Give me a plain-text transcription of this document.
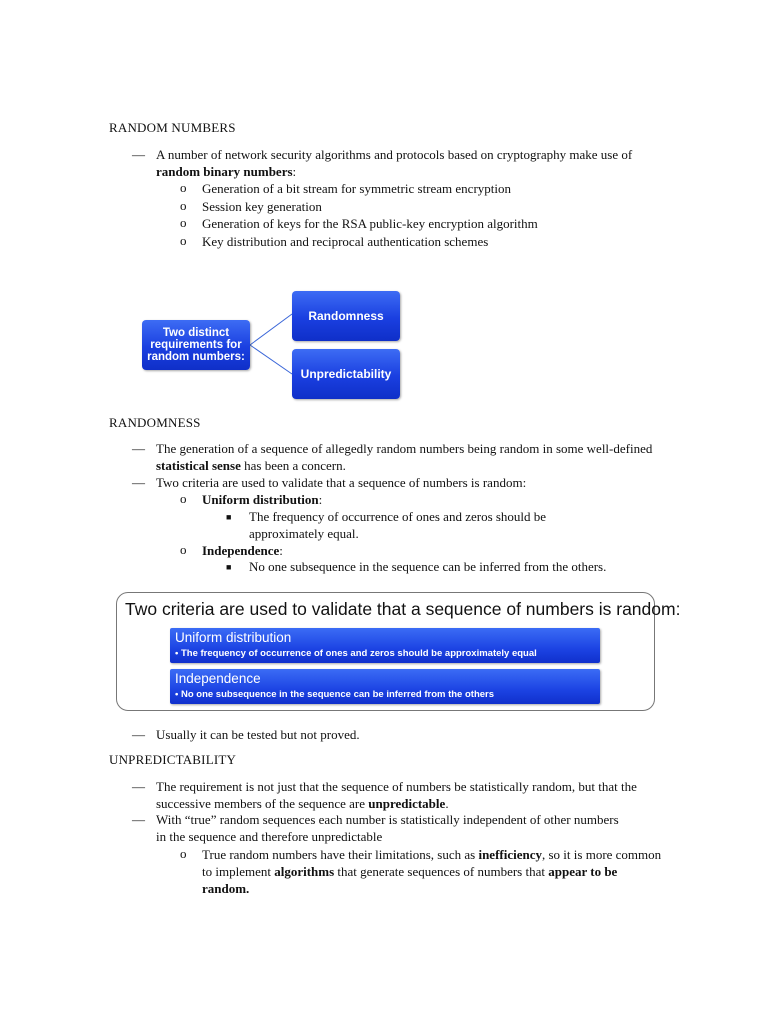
RANDOM NUMBERS
— A number of network security algorithms and protocols based on cryptography make use of random binary numbers:
o Generation of a bit stream for symmetric stream encryption
o Session key generation
o Generation of keys for the RSA public-key encryption algorithm
o Key distribution and reciprocal authentication schemes
Two distinct requirements for random numbers:
Randomness
Unpredictability
RANDOMNESS
— The generation of a sequence of allegedly random numbers being random in some well-defined statistical sense has been a concern.
— Two criteria are used to validate that a sequence of numbers is random:
o Uniform distribution:
■ The frequency of occurrence of ones and zeros should be approximately equal.
o Independence:
■ No one subsequence in the sequence can be inferred from the others.
Two criteria are used to validate that a sequence of numbers is random:
Uniform distribution
• The frequency of occurrence of ones and zeros should be approximately equal
Independence
• No one subsequence in the sequence can be inferred from the others
— Usually it can be tested but not proved.
UNPREDICTABILITY
— The requirement is not just that the sequence of numbers be statistically random, but that the successive members of the sequence are unpredictable.
— With “true” random sequences each number is statistically independent of other numbers in the sequence and therefore unpredictable
o True random numbers have their limitations, such as inefficiency, so it is more common to implement algorithms that generate sequences of numbers that appear to be random.
